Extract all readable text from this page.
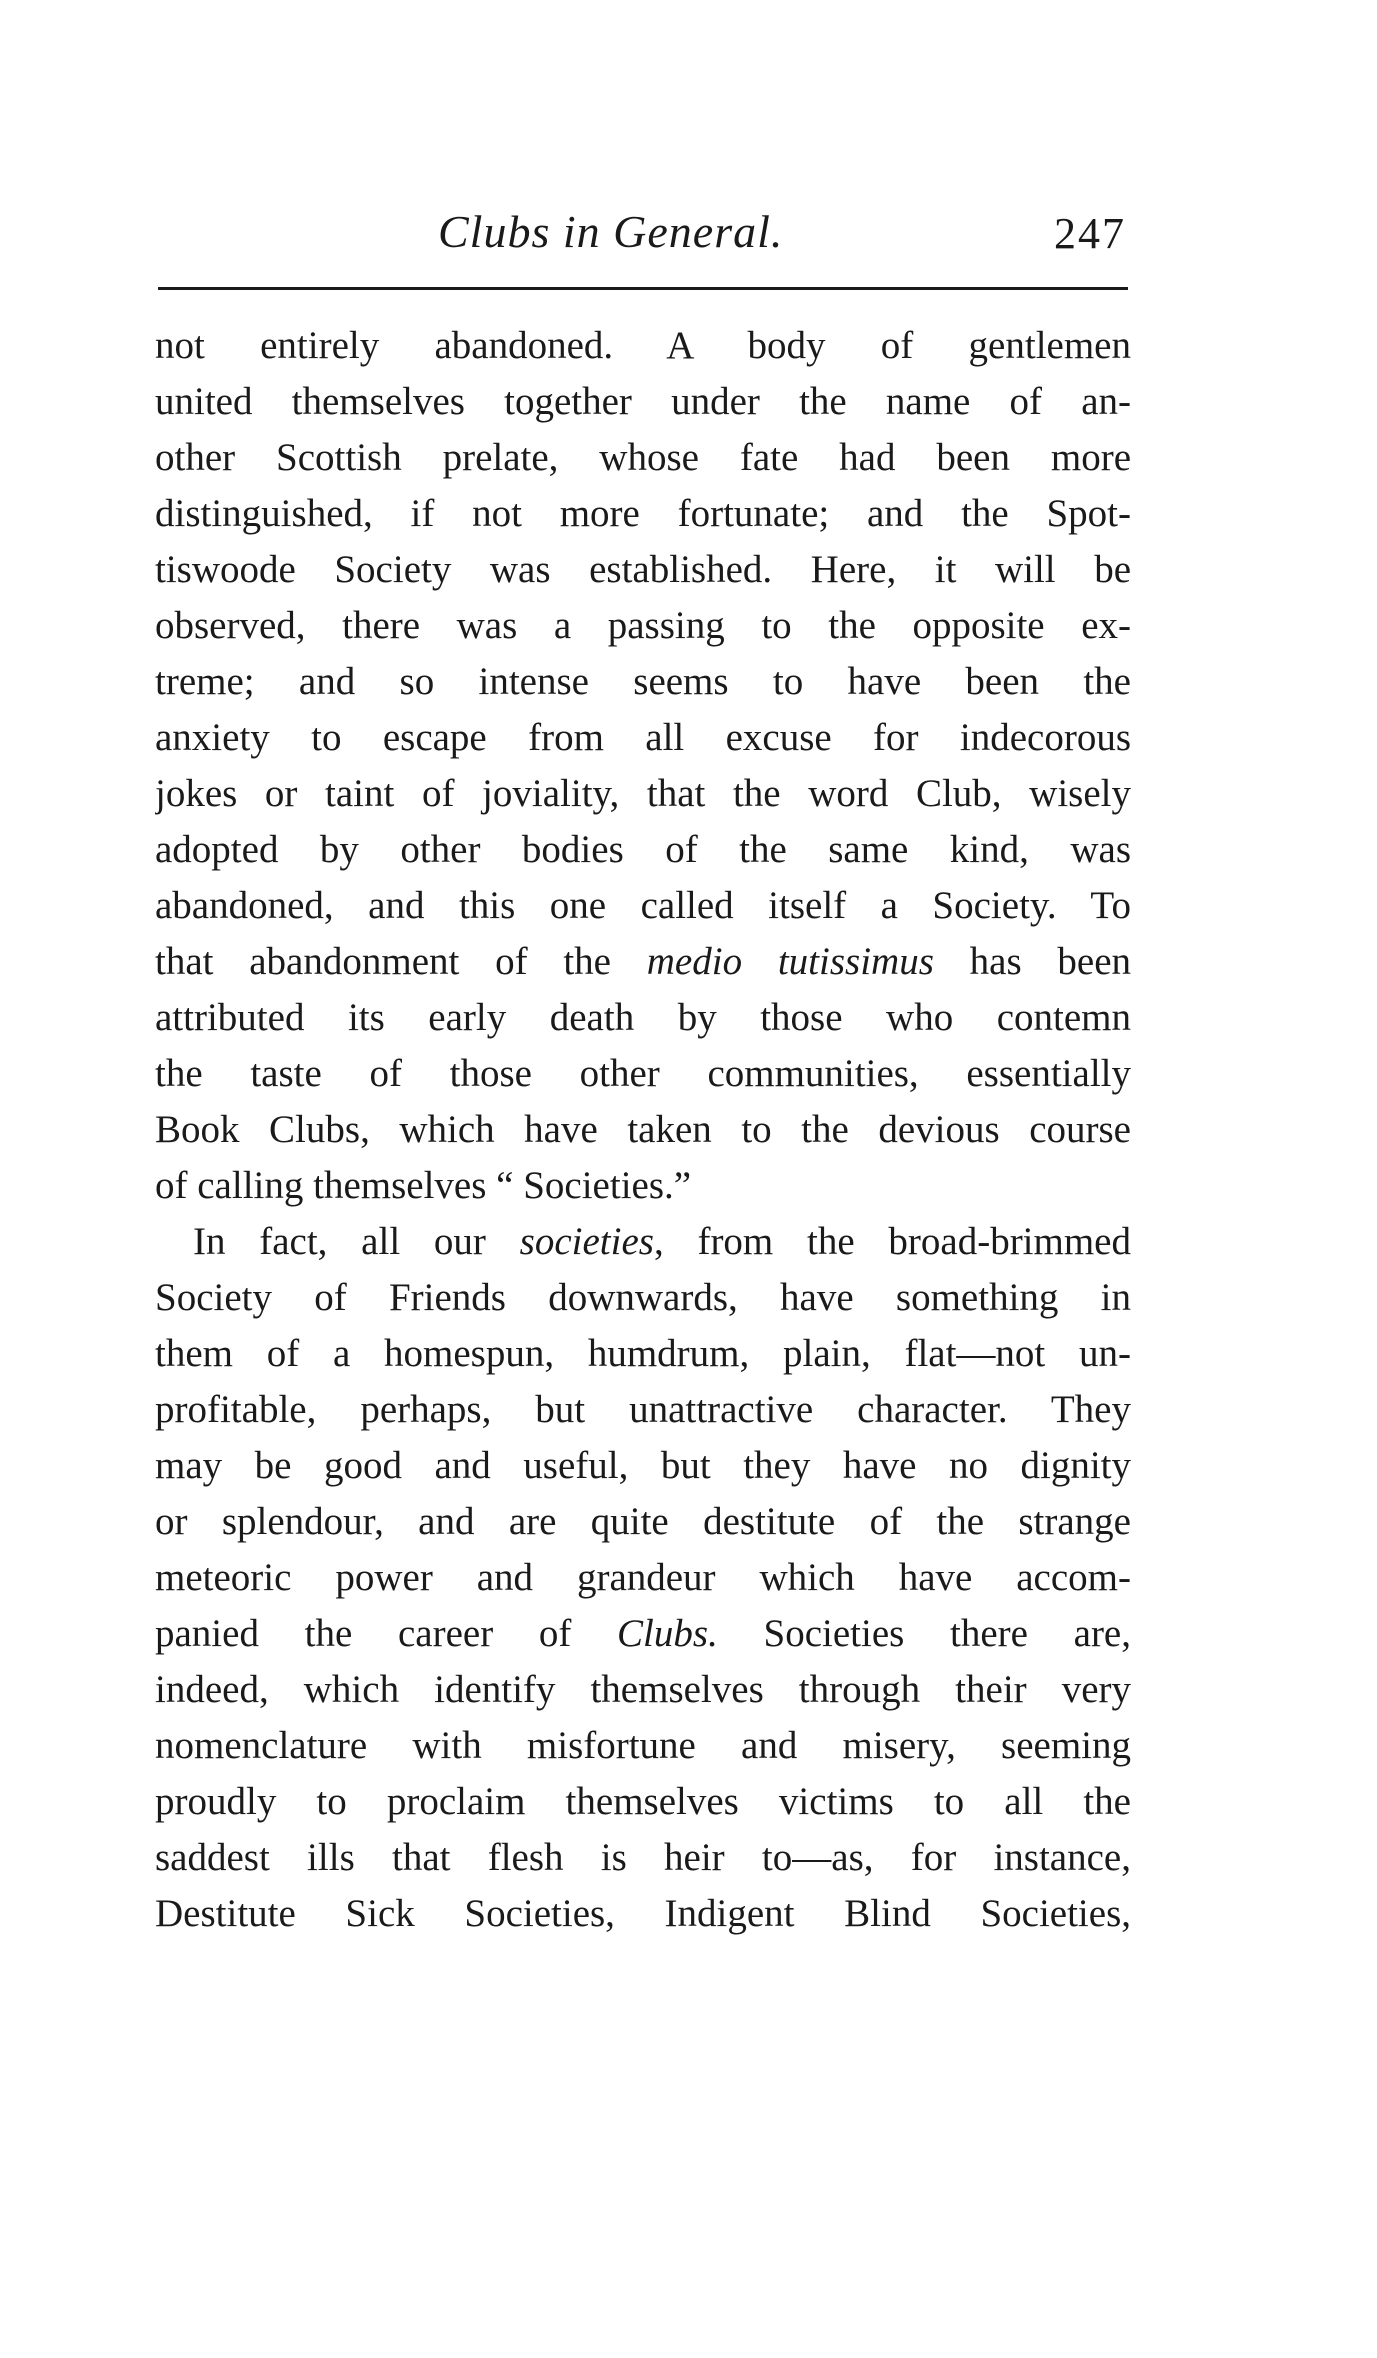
Clubs in General.	247
not entirely abandoned. A body of gentlemen
united themselves together under the name of an-
other Scottish prelate, whose fate had been more
distinguished, if not more fortunate; and the Spot-
tiswoode Society was established. Here, it will be
observed, there was a passing to the opposite ex-
treme; and so intense seems to have been the
anxiety to escape from all excuse for indecorous
jokes or taint of joviality, that the word Club, wisely
adopted by other bodies of the same kind, was
abandoned, and this one called itself a Society. To
that abandonment of the medio tutissimus has been
attributed its early death by those who contemn
the taste of those other communities, essentially
Book Clubs, which have taken to the devious course
of calling themselves “ Societies.”
In fact, all our societies, from the broad-brimmed
Society of Friends downwards, have something in
them of a homespun, humdrum, plain, flat—not un-
profitable, perhaps, but unattractive character. They
may be good and useful, but they have no dignity
or splendour, and are quite destitute of the strange
meteoric power and grandeur which have accom-
panied the career of Clubs. Societies there are,
indeed, which identify themselves through their very
nomenclature with misfortune and misery, seeming
proudly to proclaim themselves victims to all the
saddest ills that flesh is heir to—as, for instance,
Destitute Sick Societies, Indigent Blind Societies,
